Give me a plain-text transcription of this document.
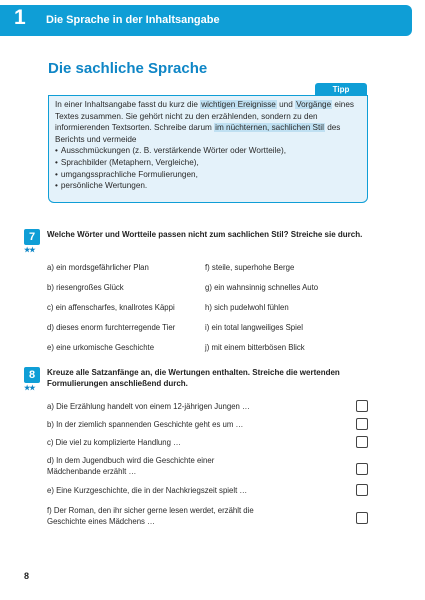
1 Die Sprache in der Inhaltsangabe
Die sachliche Sprache
Tipp

In einer Inhaltsangabe fasst du kurz die wichtigen Ereignisse und Vorgänge eines Textes zusammen. Sie gehört nicht zu den erzählenden, sondern zu den informierenden Textsorten. Schreibe darum im nüchternen, sachlichen Stil des Berichts und vermeide

• Ausschmückungen (z. B. verstärkende Wörter oder Wortteile),
• Sprachbilder (Metaphern, Vergleiche),
• umgangssprachliche Formulierungen,
• persönliche Wertungen.
7
★★
Welche Wörter und Wortteile passen nicht zum sachlichen Stil? Streiche sie durch.
a) ein mordsgefährlicher Plan
b) riesengroßes Glück
c) ein affenscharfes, knallrotes Käppi
d) dieses enorm furchterregende Tier
e) eine urkomische Geschichte
f) steile, superhohe Berge
g) ein wahnsinnig schnelles Auto
h) sich pudelwohl fühlen
i) ein total langweiliges Spiel
j) mit einem bitterbösen Blick
8
★★
Kreuze alle Satzanfänge an, die Wertungen enthalten. Streiche die wertenden Formulierungen anschließend durch.
a) Die Erzählung handelt von einem 12-jährigen Jungen …
b) In der ziemlich spannenden Geschichte geht es um …
c) Die viel zu komplizierte Handlung …
d) In dem Jugendbuch wird die Geschichte einer Mädchenbande erzählt …
e) Eine Kurzgeschichte, die in der Nachkriegszeit spielt …
f) Der Roman, den ihr sicher gerne lesen werdet, erzählt die Geschichte eines Mädchens …
8
